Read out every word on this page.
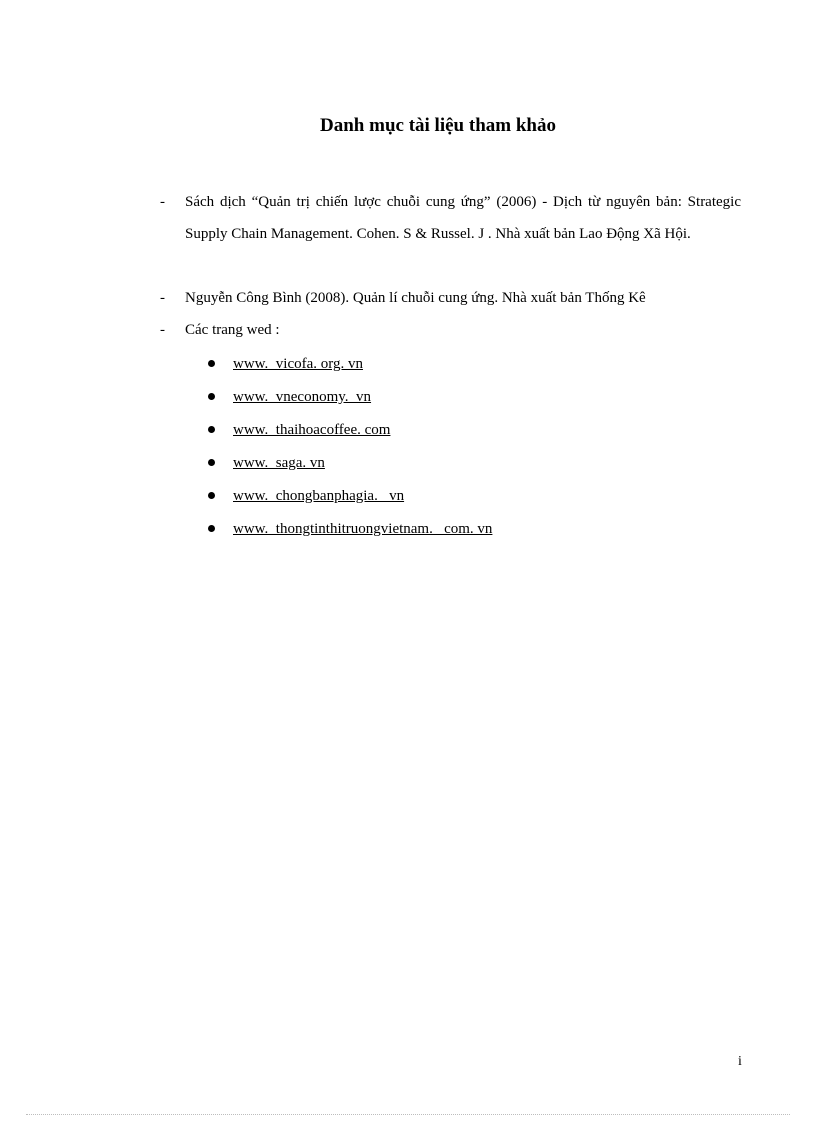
Danh mục tài liệu tham khảo
- Sách dịch “Quản trị chiến lược chuỗi cung ứng” (2006) - Dịch từ nguyên bản: Strategic Supply Chain Management. Cohen. S & Russel. J . Nhà xuất bản Lao Động Xã Hội.
- Nguyễn Công Bình (2008). Quản lí chuỗi cung ứng. Nhà xuất bản Thống Kê
- Các trang wed :
www.  vicofa. org. vn
www.  vneconomy.  vn
www.  thaihoacoffee. com
www.  saga. vn
www.  chongbanphagia.   vn
www.  thongtinthitruongvietnam.   com. vn
i
